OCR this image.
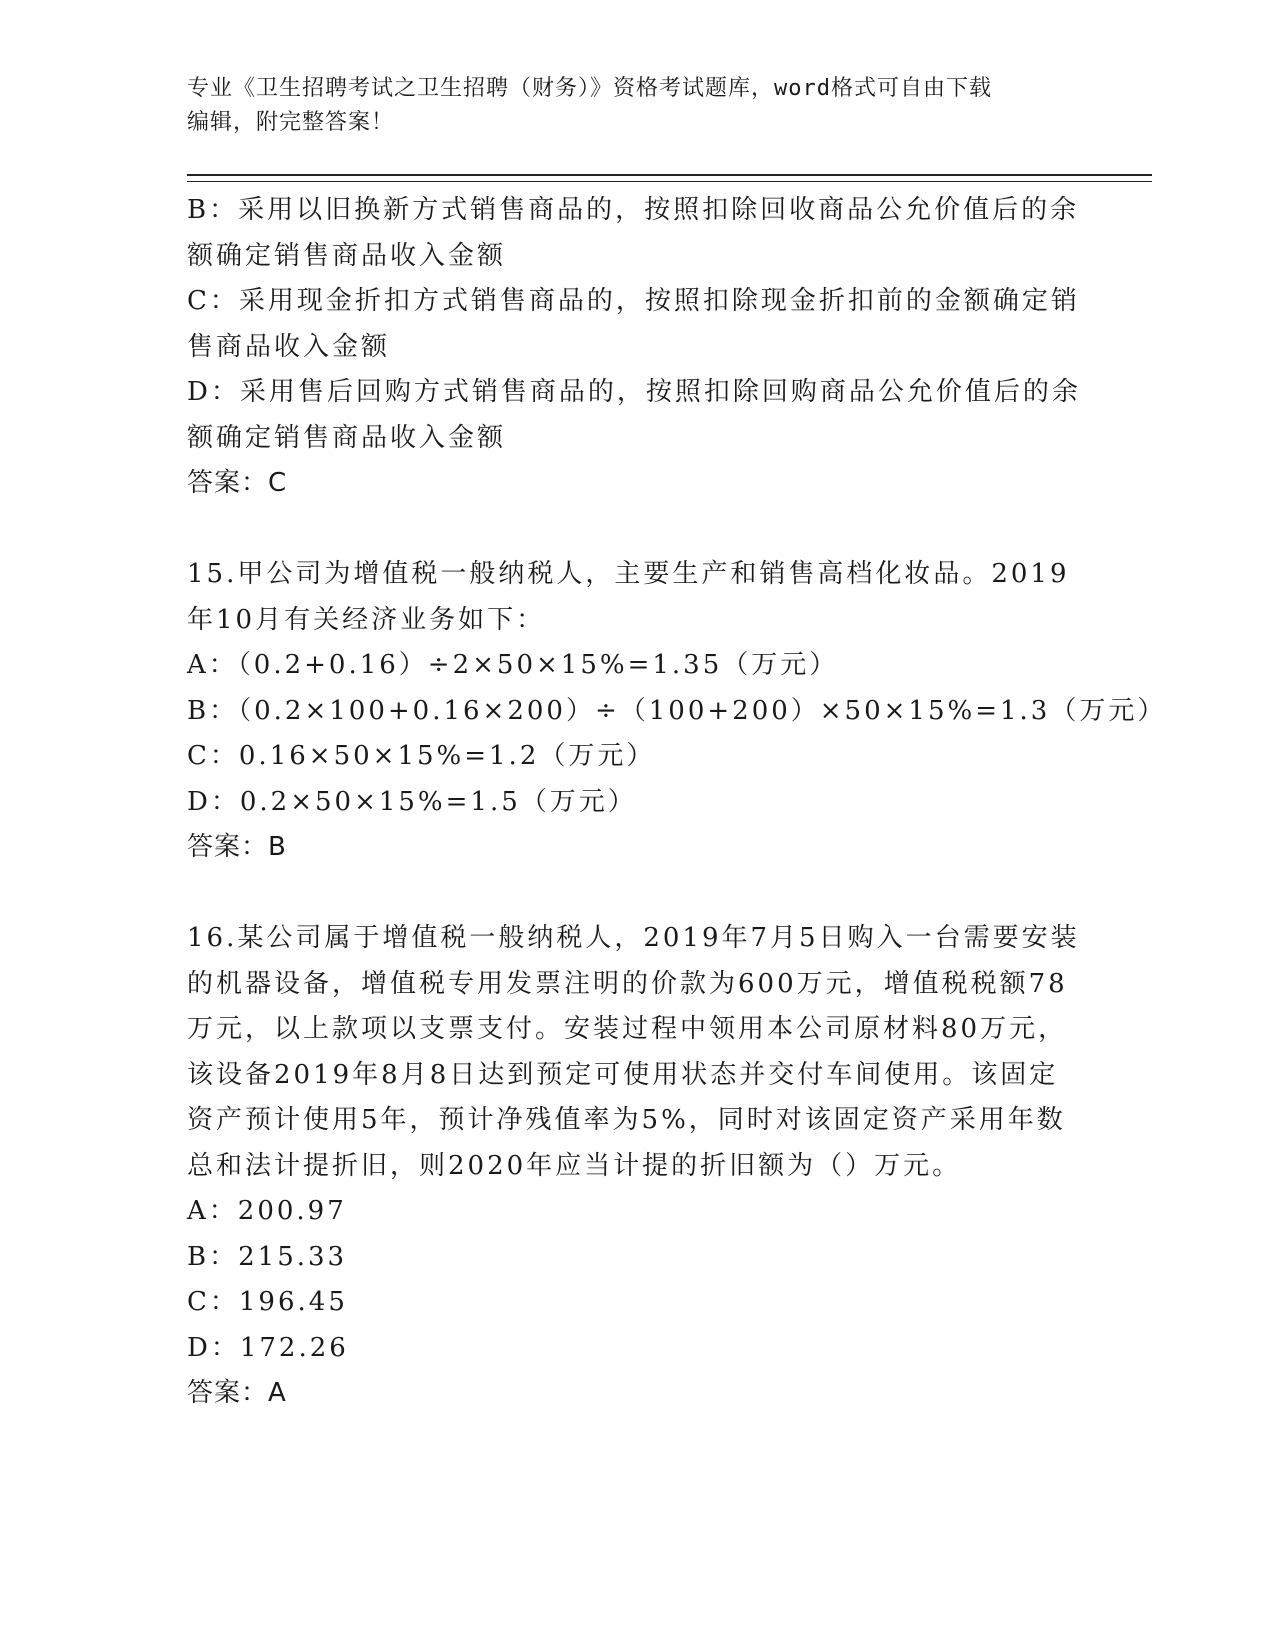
专业《卫生招聘考试之卫生招聘（财务）》资格考试题库，word格式可自由下载
编辑，附完整答案！
B：采用以旧换新方式销售商品的，按照扣除回收商品公允价值后的余
额确定销售商品收入金额
C：采用现金折扣方式销售商品的，按照扣除现金折扣前的金额确定销
售商品收入金额
D：采用售后回购方式销售商品的，按照扣除回购商品公允价值后的余
额确定销售商品收入金额
答案：C
15.甲公司为增值税一般纳税人，主要生产和销售高档化妆品。2019
年10月有关经济业务如下：
A：（0.2+0.16）÷2×50×15%=1.35（万元）
B：（0.2×100+0.16×200）÷（100+200）×50×15%=1.3（万元）
C：0.16×50×15%=1.2（万元）
D：0.2×50×15%=1.5（万元）
答案：B
16.某公司属于增值税一般纳税人，2019年7月5日购入一台需要安装
的机器设备，增值税专用发票注明的价款为600万元，增值税税额78
万元，以上款项以支票支付。安装过程中领用本公司原材料80万元，
该设备2019年8月8日达到预定可使用状态并交付车间使用。该固定
资产预计使用5年，预计净残值率为5%，同时对该固定资产采用年数
总和法计提折旧，则2020年应当计提的折旧额为（）万元。
A：200.97
B：215.33
C：196.45
D：172.26
答案：A
